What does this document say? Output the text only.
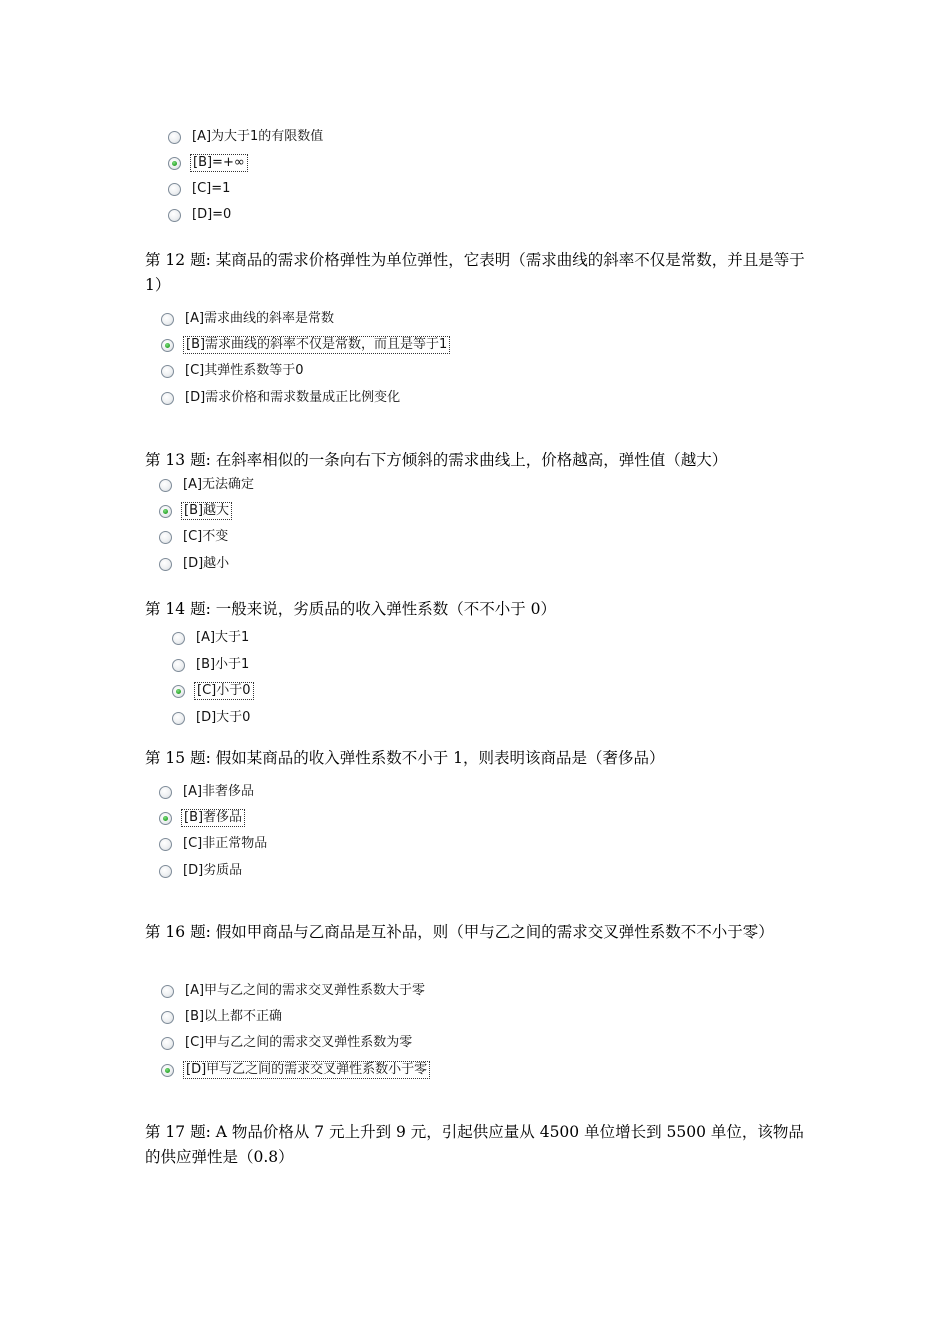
[A]为大于1的有限数值
[B]=+∞
[C]=1
[D]=0
第 12 题: 某商品的需求价格弹性为单位弹性，它表明（需求曲线的斜率不仅是常数，并且是等于 1）
[A]需求曲线的斜率是常数
[B]需求曲线的斜率不仅是常数，而且是等于1
[C]其弹性系数等于0
[D]需求价格和需求数量成正比例变化
第 13 题: 在斜率相似的一条向右下方倾斜的需求曲线上，价格越高，弹性值（越大）
[A]无法确定
[B]越大
[C]不变
[D]越小
第 14 题: 一般来说，劣质品的收入弹性系数（不不小于 0）
[A]大于1
[B]小于1
[C]小于0
[D]大于0
第 15 题: 假如某商品的收入弹性系数不小于 1，则表明该商品是（奢侈品）
[A]非奢侈品
[B]奢侈品
[C]非正常物品
[D]劣质品
第 16 题: 假如甲商品与乙商品是互补品，则（甲与乙之间的需求交叉弹性系数不不小于零）
[A]甲与乙之间的需求交叉弹性系数大于零
[B]以上都不正确
[C]甲与乙之间的需求交叉弹性系数为零
[D]甲与乙之间的需求交叉弹性系数小于零
第 17 题: A 物品价格从 7 元上升到 9 元，引起供应量从 4500 单位增长到 5500 单位，该物品的供应弹性是（0.8）
